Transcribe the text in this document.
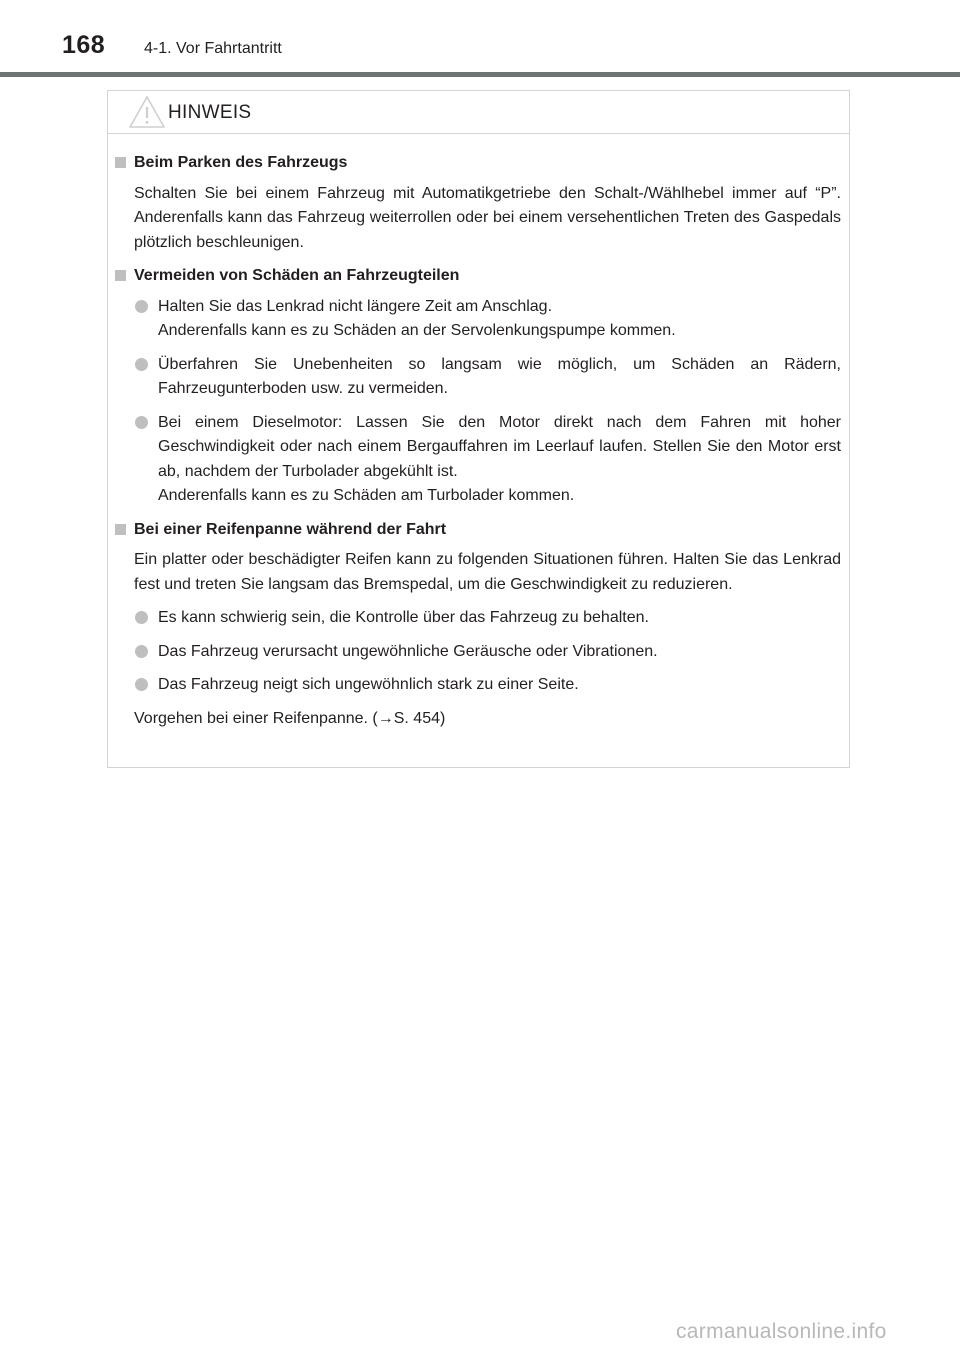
168 4-1. Vor Fahrtantritt
HINWEIS
Beim Parken des Fahrzeugs
Schalten Sie bei einem Fahrzeug mit Automatikgetriebe den Schalt-/Wählhebel immer auf “P”. Anderenfalls kann das Fahrzeug weiterrollen oder bei einem versehentlichen Treten des Gaspedals plötzlich beschleunigen.
Vermeiden von Schäden an Fahrzeugteilen
Halten Sie das Lenkrad nicht längere Zeit am Anschlag.
Anderenfalls kann es zu Schäden an der Servolenkungspumpe kommen.
Überfahren Sie Unebenheiten so langsam wie möglich, um Schäden an Rädern, Fahrzeugunterboden usw. zu vermeiden.
Bei einem Dieselmotor: Lassen Sie den Motor direkt nach dem Fahren mit hoher Geschwindigkeit oder nach einem Bergauffahren im Leerlauf laufen. Stellen Sie den Motor erst ab, nachdem der Turbolader abgekühlt ist.
Anderenfalls kann es zu Schäden am Turbolader kommen.
Bei einer Reifenpanne während der Fahrt
Ein platter oder beschädigter Reifen kann zu folgenden Situationen führen. Halten Sie das Lenkrad fest und treten Sie langsam das Bremspedal, um die Geschwindigkeit zu reduzieren.
Es kann schwierig sein, die Kontrolle über das Fahrzeug zu behalten.
Das Fahrzeug verursacht ungewöhnliche Geräusche oder Vibrationen.
Das Fahrzeug neigt sich ungewöhnlich stark zu einer Seite.
Vorgehen bei einer Reifenpanne. (→S. 454)
carmanualsonline.info
